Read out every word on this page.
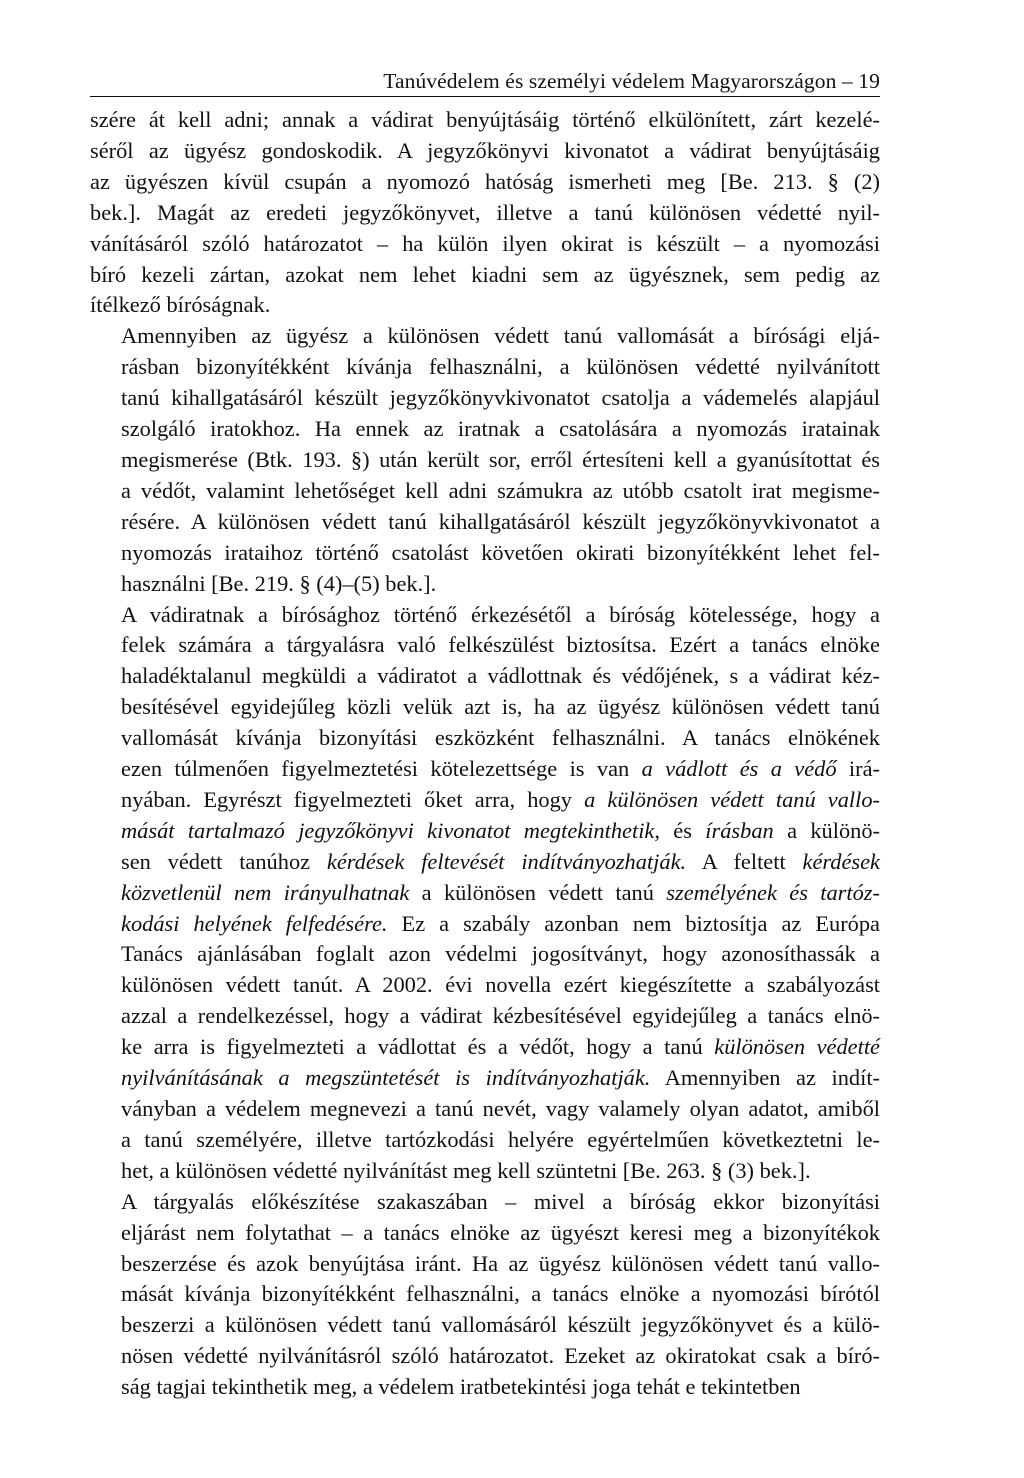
Tanúvédelem és személyi védelem Magyarországon – 19

szére át kell adni; annak a vádirat benyújtásáig történő elkülönített, zárt kezelé-
séről az ügyész gondoskodik. A jegyzőkönyvi kivonatot a vádirat benyújtásáig
az ügyészen kívül csupán a nyomozó hatóság ismerheti meg [Be. 213. § (2)
bek.]. Magát az eredeti jegyzőkönyvet, illetve a tanú különösen védetté nyil-
vánításáról szóló határozatot – ha külön ilyen okirat is készült – a nyomozási
bíró kezeli zártan, azokat nem lehet kiadni sem az ügyésznek, sem pedig az
ítélkező bíróságnak.

Amennyiben az ügyész a különösen védett tanú vallomását a bírósági eljá-
rásban bizonyítékként kívánja felhasználni, a különösen védetté nyilvánított
tanú kihallgatásáról készült jegyzőkönyvkivonatot csatolja a vádemelés alapjául
szolgáló iratokhoz. Ha ennek az iratnak a csatolására a nyomozás iratainak
megismerése (Btk. 193. §) után került sor, erről értesíteni kell a gyanúsítottat és
a védőt, valamint lehetőséget kell adni számukra az utóbb csatolt irat megisme-
résére. A különösen védett tanú kihallgatásáról készült jegyzőkönyvkivonatot a
nyomozás irataihoz történő csatolást követően okirati bizonyítékként lehet fel-
használni [Be. 219. § (4)–(5) bek.].

A vádiratnak a bírósághoz történő érkezésétől a bíróság kötelessége, hogy a
felek számára a tárgyalásra való felkészülést biztosítsa. Ezért a tanács elnöke
haladéktalanul megküldi a vádiratot a vádlottnak és védőjének, s a vádirat kéz-
besítésével egyidejűleg közli velük azt is, ha az ügyész különösen védett tanú
vallomását kívánja bizonyítási eszközként felhasználni. A tanács elnökének
ezen túlmenően figyelmeztetési kötelezettsége is van a vádlott és a védő irá-
nyában. Egyrészt figyelmezteti őket arra, hogy a különösen védett tanú vallo-
mását tartalmazó jegyzőkönyvi kivonatot megtekinthetik, és írásban a különö-
sen védett tanúhoz kérdések feltevését indítványozhatják. A feltett kérdések
közvetlenül nem irányulhatnak a különösen védett tanú személyének és tartóz-
kodási helyének felfedésére. Ez a szabály azonban nem biztosítja az Európa
Tanács ajánlásában foglalt azon védelmi jogosítványt, hogy azonosíthassák a
különösen védett tanút. A 2002. évi novella ezért kiegészítette a szabályozást
azzal a rendelkezéssel, hogy a vádirat kézbesítésével egyidejűleg a tanács elnö-
ke arra is figyelmezteti a vádlottat és a védőt, hogy a tanú különösen védetté
nyilvánításának a megszüntetését is indítványozhatják. Amennyiben az indít-
ványban a védelem megnevezi a tanú nevét, vagy valamely olyan adatot, amiből
a tanú személyére, illetve tartózkodási helyére egyértelműen következtetni le-
het, a különösen védetté nyilvánítást meg kell szüntetni [Be. 263. § (3) bek.].

A tárgyalás előkészítése szakaszában – mivel a bíróság ekkor bizonyítási
eljárást nem folytathat – a tanács elnöke az ügyészt keresi meg a bizonyítékok
beszerzése és azok benyújtása iránt. Ha az ügyész különösen védett tanú vallo-
mását kívánja bizonyítékként felhasználni, a tanács elnöke a nyomozási bírótól
beszerzi a különösen védett tanú vallomásáról készült jegyzőkönyvet és a külö-
nösen védetté nyilvánításról szóló határozatot. Ezeket az okiratokat csak a bíró-
ság tagjai tekinthetik meg, a védelem iratbetekintési joga tehát e tekintetben
